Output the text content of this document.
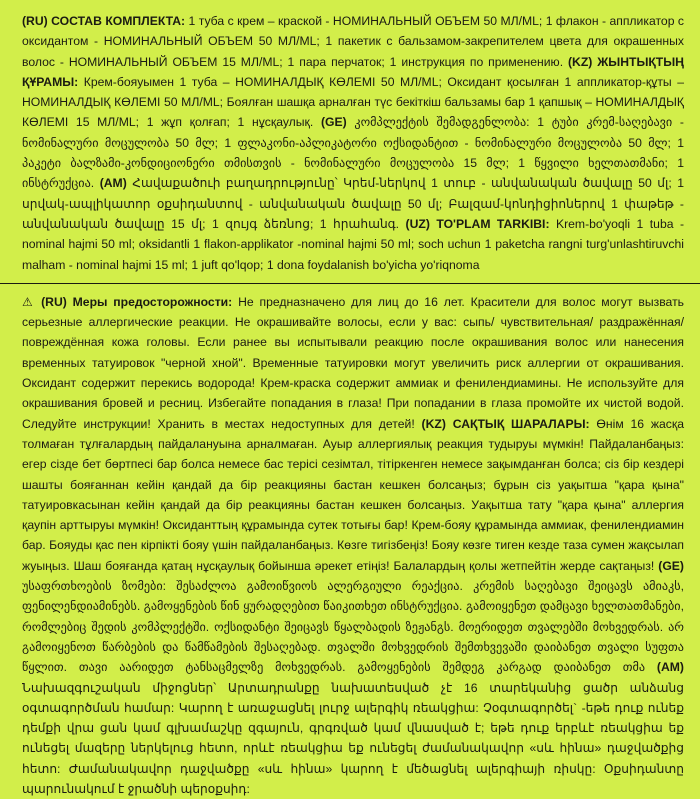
(RU) СОСТАВ КОМПЛЕКТА: 1 туба с крем – краской - НОМИНАЛЬНЫЙ ОБЪЕМ 50 МЛ/ML; 1 флакон - аппликатор с оксидантом - НОМИНАЛЬНЫЙ ОБЪЕМ 50 МЛ/ML; 1 пакетик с бальзамом-закрепителем цвета для окрашенных волос - НОМИНАЛЬНЫЙ ОБЪЕМ 15 МЛ/ML; 1 пара перчаток; 1 инструкция по применению. (KZ) ЖЫНТЫҚТЫҢ ҚҰРАМЫ: Крем-бояуымен 1 туба – НОМИНАЛДЫҚ КӨЛЕМІ 50 МЛ/ML; Оксидант қосылған 1 аппликатор-құты – НОМИНАЛДЫҚ КӨЛЕМІ 50 МЛ/ML; Боялған шашқа арналған түс бекіткіш бальзамы бар 1 қапшық – НОМИНАЛДЫҚ КӨЛЕМІ 15 МЛ/ML; 1 жұп қолғап; 1 нұсқаулық. (GE) კომპლექტის შემადგენლობა: 1 ტუბი კრემ-საღებავი - ნომინალური მოცულობა 50 მლ; 1 ფლაკონი-აპლიკატორი ოქსიდანტით - ნომინალური მოცულობა 50 მლ; 1 პაკეტი ბალზამი-კონდიციონერი თმისთვის - ნომინალური მოცულობა 15 მლ; 1 წყვილი ხელთათმანი; 1 ინსტრუქცია. (AM) Հավաքածուի բաղադրությունը՝ Կրեմ-ներկով 1 տուբ - անվանական ծավալը 50 մլ; 1 սրվակ-ապլիկատոր օքսիդանտով - անվանական ծավալը 50 մլ; Բալզամ-կոնդիցիոներով 1 փաթեթ - անվանական ծավալը 15 մլ; 1 զույգ ձեռնոց; 1 հրահանգ. (UZ) TO'PLAM TARKIBI: Krem-bo'yoqli 1 tuba - nominal hajmi 50 ml; oksidantli 1 flakon-applikator -nominal hajmi 50 ml; soch uchun 1 paketcha rangni turg'unlashtiruvchi malham - nominal hajmi 15 ml; 1 juft qo'lqop; 1 dona foydalanish bo'yicha yo'riqnoma

⚠ (RU) Меры предосторожности: Не предназначено для лиц до 16 лет. Красители для волос могут вызвать серьезные аллергические реакции. Не окрашивайте волосы, если у вас: сыпь/ чувствительная/ раздражённая/повреждённая кожа головы. Если ранее вы испытывали реакцию после окрашивания волос или нанесения временных татуировок "черной хной". Временные татуировки могут увеличить риск аллергии от окрашивания. Оксидант содержит перекись водорода! Крем-краска содержит аммиак и фенилендиамины. Не используйте для окрашивания бровей и ресниц. Избегайте попадания в глаза! При попадании в глаза промойте их чистой водой. Следуйте инструкции! Хранить в местах недоступных для детей! (KZ) САҚТЫҚ ШАРАЛАРЫ: Өнім 16 жасқа толмаған тұлғалардың пайдалануына арналмаған. Ауыр аллергиялық реакция тудыруы мүмкін! Пайдаланбаңыз: егер сізде бет бөртпесі бар болса немесе бас терісі сезімтал, тітіркенген немесе зақымданған болса; сіз бір кездері шашты бояғаннан кейін қандай да бір реакцияны бастан кешкен болсаңыз; бұрын сіз уақытша "қара қына" татуировкасынан кейін қандай да бір реакцияны бастан кешкен болсаңыз. Уақытша тату "қара қына" аллергия қаупін арттыруы мүмкін! Оксиданттың құрамында сутек тотығы бар! Крем-бояу құрамында аммиак, фенилендиамин бар. Бояуды қас пен кірпікті бояу үшін пайдаланбаңыз. Көзге тигізбеңіз! Бояу көзге тиген кезде таза сумен жақсылап жуыңыз. Шаш бояғанда қатаң нұсқаулық бойынша әрекет етіңіз! Балалардың қолы жетпейтін жерде сақтаңыз! (GE) უსაფრთხოების ზომები: შესაძლოა გამოიწვიოს ალერგიული რეაქცია. კრემის საღებავი შეიცავს ამიაკს, ფენილენდიამინებს. გამოყენების წინ ყურადღებით წაიკითხეთ ინსტრუქცია. გამოიყენეთ დამცავი ხელთათმანები, რომლებიც შედის კომპლექტში. ოქსიდანტი შეიცავს წყალბადის ზეჟანგს. მოერიდეთ თვალებში მოხვედრას. არ გამოიყენოთ წარბების და წამწამების შესაღებად. თვალში მოხვედრის შემთხვევაში დაიბანეთ თვალი სუფთა წყლით. თავი აარიდეთ ტანსაცმელზე მოხვედრას. გამოყენების შემდეგ კარგად დაიბანეთ თმა (AM) Նախազգուշական միջոցներ՝ Արտադրանքը նախատեսված չէ 16 տարեկանից ցածր անձանց օգտագործման համար: Կարող է առաջացնել լուրջ ալերգիկ ռեակցիա: Չօգտագործել` -եթե դուք ունեք դեմքի վրա ցան կամ գլխամաշկը զգայուն, գրգռված կամ վնասված է; եթե դուք երբևէ ռեակցիա եք ունեցել մազերը ներկելուց հետո, որևէ ռեակցիա եք ունեցել ժամանակավոր «սև հինա» դաջվածքից հետո: Ժամանակավոր դաջվածքը «սև հինա» կարող է մեծացնել ալերգիայի ռիսկը: Օքսիդանտը պարունակում է ջրածնի պերօքսիդ:
